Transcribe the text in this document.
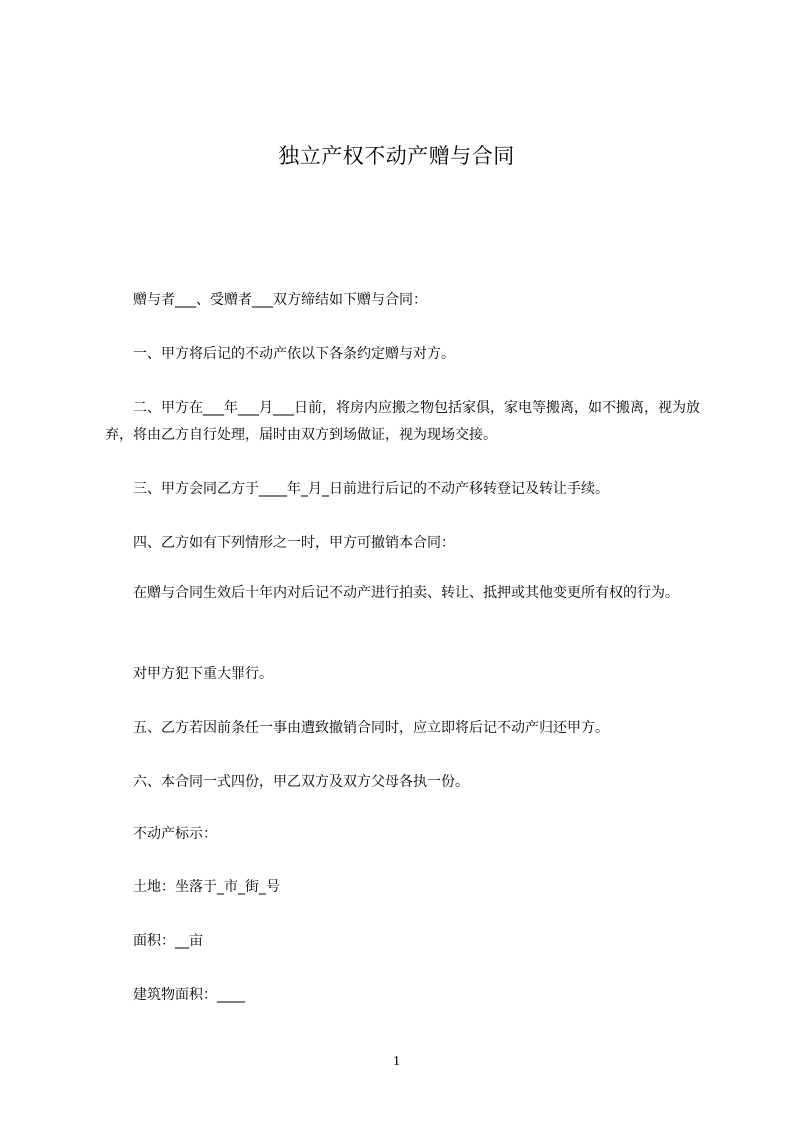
独立产权不动产赠与合同

　　赠与者___、受赠者___双方缔结如下赠与合同：

　　一、甲方将后记的不动产依以下各条约定赠与对方。

　　二、甲方在___年___月___日前，将房内应搬之物包括家俱，家电等搬离，如不搬离，视为放弃，将由乙方自行处理，届时由双方到场做证，视为现场交接。

　　三、甲方会同乙方于____年_月_日前进行后记的不动产移转登记及转让手续。

　　四、乙方如有下列情形之一时，甲方可撤销本合同：

　　在赠与合同生效后十年内对后记不动产进行拍卖、转让、抵押或其他变更所有权的行为。

　　对甲方犯下重大罪行。

　　五、乙方若因前条任一事由遭致撤销合同时，应立即将后记不动产归还甲方。

　　六、本合同一式四份，甲乙双方及双方父母各执一份。

　　不动产标示：

　　土地：坐落于_市_街_号

　　面积：__亩

　　建筑物面积：____

1
